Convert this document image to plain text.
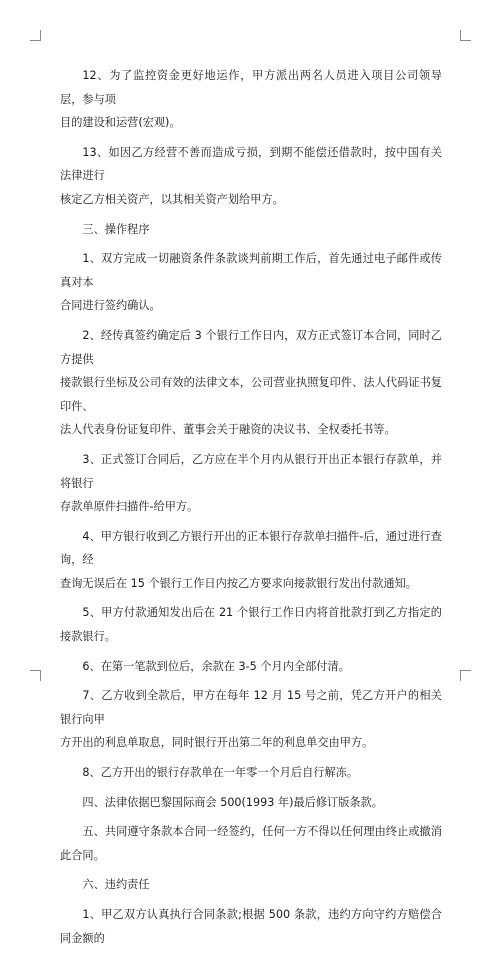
12、为了监控资金更好地运作，甲方派出两名人员进入项目公司领导层，参与项
目的建设和运营(宏观)。

13、如因乙方经营不善而造成亏损，到期不能偿还借款时，按中国有关法律进行
核定乙方相关资产，以其相关资产划给甲方。

三、操作程序

1、双方完成一切融资条件条款谈判前期工作后，首先通过电子邮件或传真对本
合同进行签约确认。

2、经传真签约确定后 3 个银行工作日内，双方正式签订本合同，同时乙方提供
接款银行坐标及公司有效的法律文本，公司营业执照复印件、法人代码证书复印件、
法人代表身份证复印件、董事会关于融资的决议书、全权委托书等。

3、正式签订合同后，乙方应在半个月内从银行开出正本银行存款单，并将银行
存款单原件扫描件-给甲方。

4、甲方银行收到乙方银行开出的正本银行存款单扫描件-后，通过进行查询，经
查询无误后在 15 个银行工作日内按乙方要求向接款银行发出付款通知。

5、甲方付款通知发出后在 21 个银行工作日内将首批款打到乙方指定的接款银行。

6、在第一笔款到位后，余款在 3-5 个月内全部付清。

7、乙方收到全款后，甲方在每年 12 月 15 号之前，凭乙方开户的相关银行向甲
方开出的利息单取息，同时银行开出第二年的利息单交由甲方。

8、乙方开出的银行存款单在一年零一个月后自行解冻。

四、法律依据巴黎国际商会 500(1993 年)最后修订版条款。

五、共同遵守条款本合同一经签约，任何一方不得以任何理由终止或撤消此合同。

六、违约责任

1、甲乙双方认真执行合同条款;根据 500 条款，违约方向守约方赔偿合同金额的
